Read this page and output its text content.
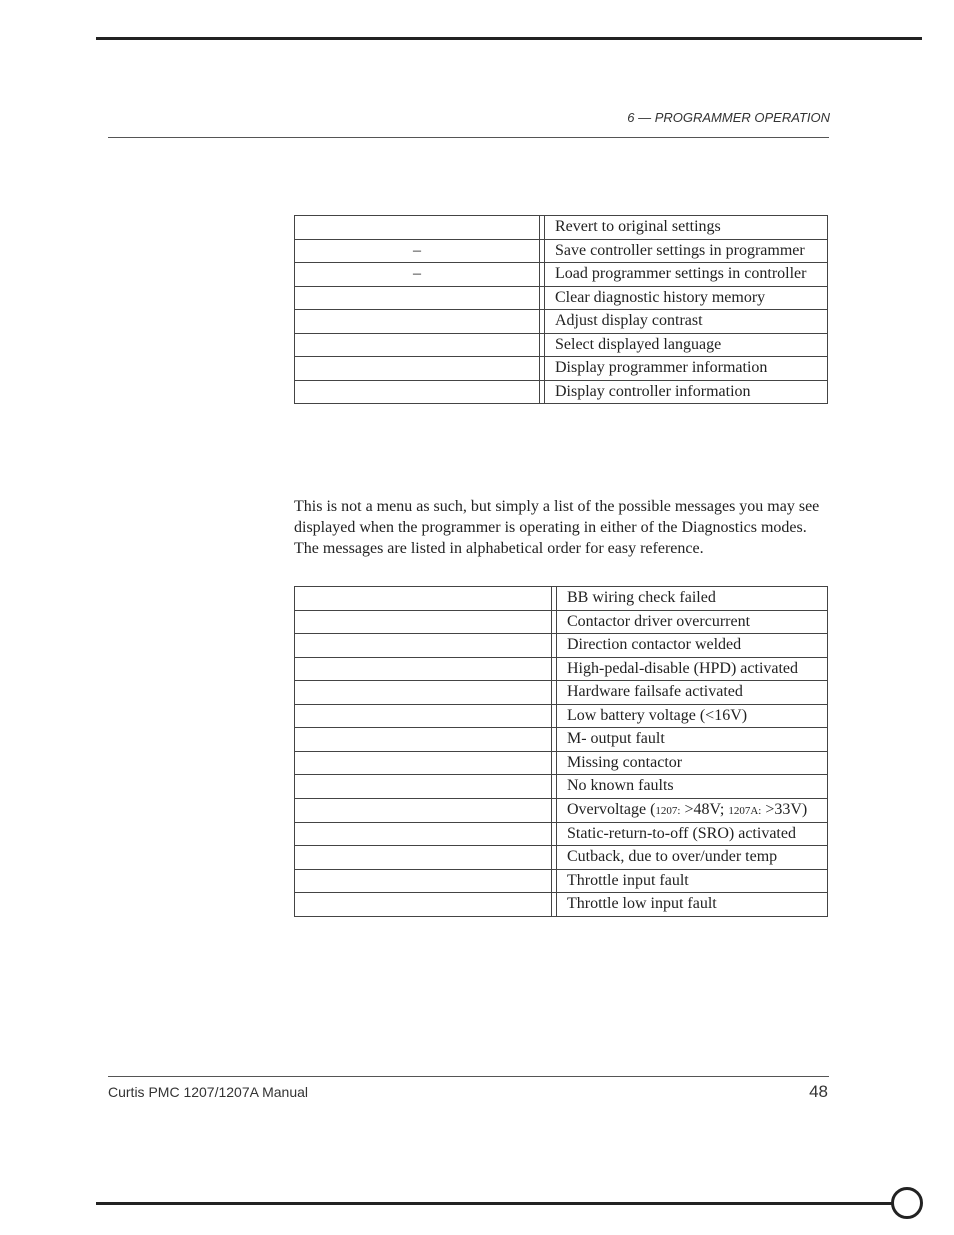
6 — PROGRAMMER OPERATION
		Revert to original settings
–		Save controller settings in programmer
–		Load programmer settings in controller
		Clear diagnostic history memory
		Adjust display contrast
		Select displayed language
		Display programmer information
		Display controller information

This is not a menu as such, but simply a list of the possible messages you may see

displayed when the programmer is operating in either of the Diagnostics modes.

The messages are listed in alphabetical order for easy reference.

		BB wiring check failed
		Contactor driver overcurrent
		Direction contactor welded
		High-pedal-disable (HPD) activated
		Hardware failsafe activated
		Low battery voltage (<16V)
		M- output fault
		Missing contactor
		No known faults
		Overvoltage (1207: >48V; 1207A: >33V)
		Static-return-to-off (SRO) activated
		Cutback, due to over/under temp
		Throttle input fault
		Throttle low input fault
Curtis PMC 1207/1207A Manual	48
